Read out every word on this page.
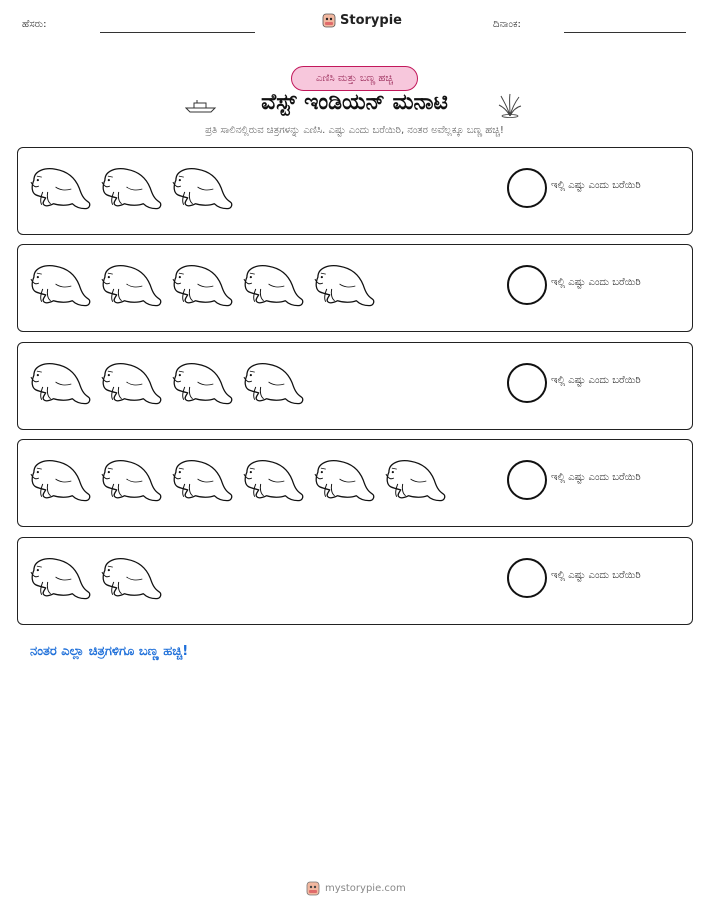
ಹೆಸರು:	Storypie	ದಿನಾಂಕ:
ಎಣಿಸಿ ಮತ್ತು ಬಣ್ಣ ಹಚ್ಚಿ
ವೆಸ್ಟ್ ಇಂಡಿಯನ್ ಮನಾಟಿ
ಪ್ರತಿ ಸಾಲಿನಲ್ಲಿರುವ ಚಿತ್ರಗಳನ್ನು ಎಣಿಸಿ. ಎಷ್ಟು ಎಂದು ಬರೆಯಿರಿ, ನಂತರ ಅವೆಲ್ಲಕ್ಕೂ ಬಣ್ಣ ಹಚ್ಚಿ!
ಇಲ್ಲಿ ಎಷ್ಟು ಎಂದು ಬರೆಯಿರಿ
ಇಲ್ಲಿ ಎಷ್ಟು ಎಂದು ಬರೆಯಿರಿ
ಇಲ್ಲಿ ಎಷ್ಟು ಎಂದು ಬರೆಯಿರಿ
ಇಲ್ಲಿ ಎಷ್ಟು ಎಂದು ಬರೆಯಿರಿ
ಇಲ್ಲಿ ಎಷ್ಟು ಎಂದು ಬರೆಯಿರಿ
ನಂತರ ಎಲ್ಲಾ ಚಿತ್ರಗಳಿಗೂ ಬಣ್ಣ ಹಚ್ಚಿ!
mystorypie.com
